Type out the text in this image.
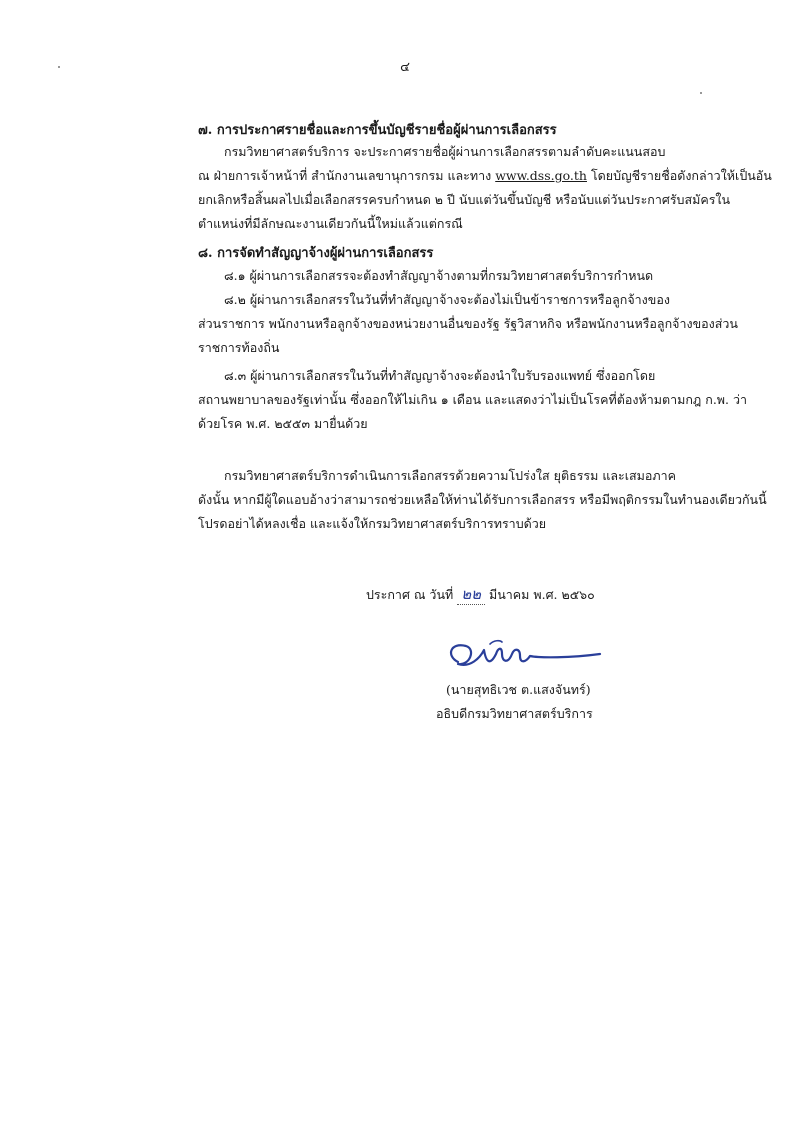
๔
๗. การประกาศรายชื่อและการขึ้นบัญชีรายชื่อผู้ผ่านการเลือกสรร
กรมวิทยาศาสตร์บริการ จะประกาศรายชื่อผู้ผ่านการเลือกสรรตามลำดับคะแนนสอบ
ณ ฝ่ายการเจ้าหน้าที่ สำนักงานเลขานุการกรม และทาง www.dss.go.th โดยบัญชีรายชื่อดังกล่าวให้เป็นอัน
ยกเลิกหรือสิ้นผลไปเมื่อเลือกสรรครบกำหนด ๒ ปี นับแต่วันขึ้นบัญชี หรือนับแต่วันประกาศรับสมัครใน
ตำแหน่งที่มีลักษณะงานเดียวกันนี้ใหม่แล้วแต่กรณี
๘. การจัดทำสัญญาจ้างผู้ผ่านการเลือกสรร
๘.๑ ผู้ผ่านการเลือกสรรจะต้องทำสัญญาจ้างตามที่กรมวิทยาศาสตร์บริการกำหนด
๘.๒ ผู้ผ่านการเลือกสรรในวันที่ทำสัญญาจ้างจะต้องไม่เป็นข้าราชการหรือลูกจ้างของ
ส่วนราชการ พนักงานหรือลูกจ้างของหน่วยงานอื่นของรัฐ รัฐวิสาหกิจ หรือพนักงานหรือลูกจ้างของส่วน
ราชการท้องถิ่น
๘.๓ ผู้ผ่านการเลือกสรรในวันที่ทำสัญญาจ้างจะต้องนำใบรับรองแพทย์ ซึ่งออกโดย
สถานพยาบาลของรัฐเท่านั้น ซึ่งออกให้ไม่เกิน ๑ เดือน และแสดงว่าไม่เป็นโรคที่ต้องห้ามตามกฎ ก.พ. ว่า
ด้วยโรค พ.ศ. ๒๕๕๓ มายื่นด้วย
กรมวิทยาศาสตร์บริการดำเนินการเลือกสรรด้วยความโปร่งใส ยุติธรรม และเสมอภาค
ดังนั้น หากมีผู้ใดแอบอ้างว่าสามารถช่วยเหลือให้ท่านได้รับการเลือกสรร หรือมีพฤติกรรมในทำนองเดียวกันนี้
โปรดอย่าได้หลงเชื่อ และแจ้งให้กรมวิทยาศาสตร์บริการทราบด้วย
ประกาศ ณ วันที่ ๒๒ มีนาคม พ.ศ. ๒๕๖๐
(นายสุทธิเวช ต.แสงจันทร์)
อธิบดีกรมวิทยาศาสตร์บริการ
